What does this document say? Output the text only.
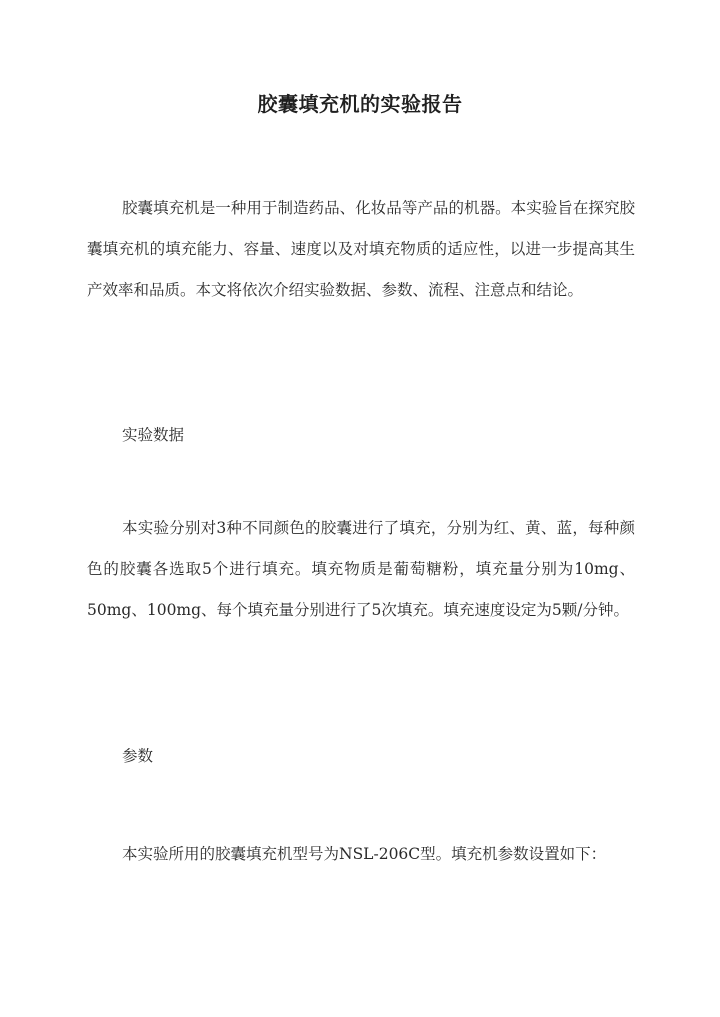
胶囊填充机的实验报告

胶囊填充机是一种用于制造药品、化妆品等产品的机器。本实验旨在探究胶囊填充机的填充能力、容量、速度以及对填充物质的适应性，以进一步提高其生产效率和品质。本文将依次介绍实验数据、参数、流程、注意点和结论。

实验数据

本实验分别对3种不同颜色的胶囊进行了填充，分别为红、黄、蓝，每种颜色的胶囊各选取5个进行填充。填充物质是葡萄糖粉，填充量分别为10mg、50mg、100mg、每个填充量分别进行了5次填充。填充速度设定为5颗/分钟。

参数

本实验所用的胶囊填充机型号为NSL-206C型。填充机参数设置如下：
